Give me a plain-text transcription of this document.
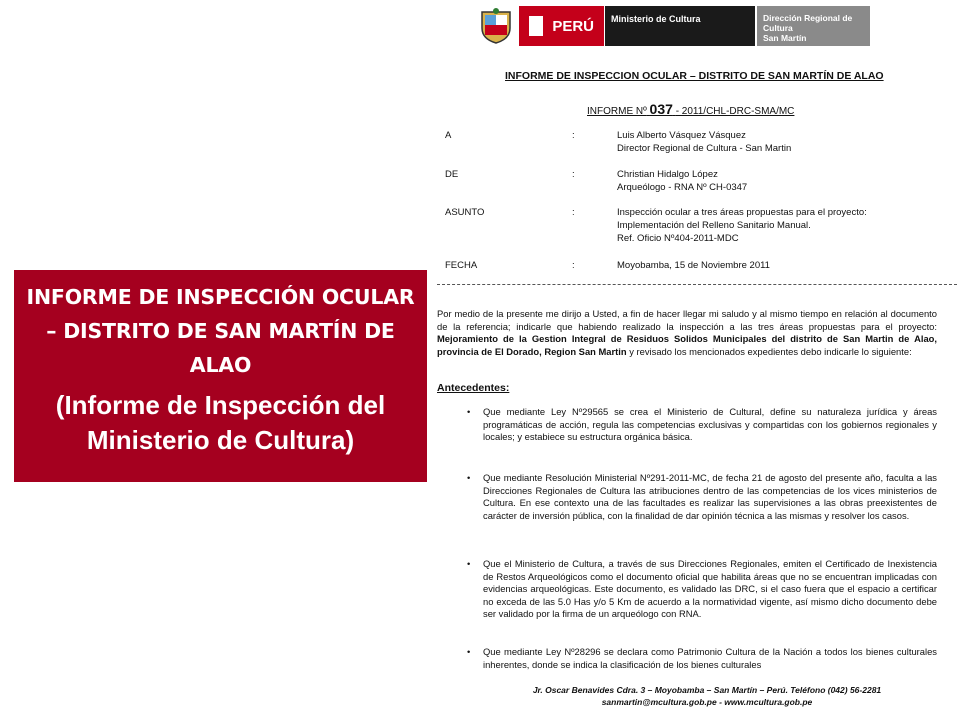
INFORME DE INSPECCIÓN OCULAR – DISTRITO DE SAN MARTÍN DE ALAO

(Informe de Inspección del Ministerio de Cultura)

PERÚ	Ministerio de Cultura	Dirección Regional de Cultura
San Martín
INFORME DE INSPECCION OCULAR – DISTRITO DE SAN MARTÍN DE ALAO
INFORME Nº 037 - 2011/CHL-DRC-SMA/MC
A	:	Luis Alberto Vásquez Vásquez
Director Regional de Cultura - San Martin
DE	:	Christian Hidalgo López
Arqueólogo - RNA Nº CH-0347
ASUNTO	:	Inspección ocular a tres áreas propuestas para el proyecto:
Implementación del Relleno Sanitario Manual.
Ref. Oficio Nº404-2011-MDC
FECHA	:	Moyobamba, 15 de Noviembre 2011
Por medio de la presente me dirijo a Usted, a fin de hacer llegar mi saludo y al mismo tiempo en relación al documento de la referencia; indicarle que habiendo realizado la inspección a las tres áreas propuestas para el proyecto: Mejoramiento de la Gestion Integral de Residuos Solidos Municipales del distrito de San Martin de Alao, provincia de El Dorado, Region San Martin y revisado los mencionados expedientes debo indicarle lo siguiente:
Antecedentes:
• Que mediante Ley Nº29565 se crea el Ministerio de Cultural, define su naturaleza jurídica y áreas programáticas de acción, regula las competencias exclusivas y compartidas con los gobiernos regionales y locales; y estabiece su estructura orgánica básica.
• Que mediante Resolución Ministerial Nº291-2011-MC, de fecha 21 de agosto del presente año, faculta a las Direcciones Regionales de Cultura las atribuciones dentro de las competencias de los vices ministerios de Cultura. En ese contexto una de las facultades es realizar las supervisiones a las obras preexistentes de carácter de inversión pública, con la finalidad de dar opinión técnica a las mismas y resolver los casos.
• Que el Ministerio de Cultura, a través de sus Direcciones Regionales, emiten el Certificado de Inexistencia de Restos Arqueológicos como el documento oficial que habilita áreas que no se encuentran implicadas con evidencias arqueológicas. Este documento, es validado las DRC, si el caso fuera que el espacio a certificar no exceda de las 5.0 Has y/o 5 Km de acuerdo a la normatividad vigente, así mismo dicho documento debe ser validado por la firma de un arqueólogo con RNA.
• Que mediante Ley Nº28296 se declara como Patrimonio Cultura de la Nación a todos los bienes culturales inherentes, donde se indica la clasificación de los bienes culturales
Jr. Oscar Benavides Cdra. 3 – Moyobamba – San Martín – Perú. Teléfono (042) 56-2281
sanmartin@mcultura.gob.pe - www.mcultura.gob.pe
